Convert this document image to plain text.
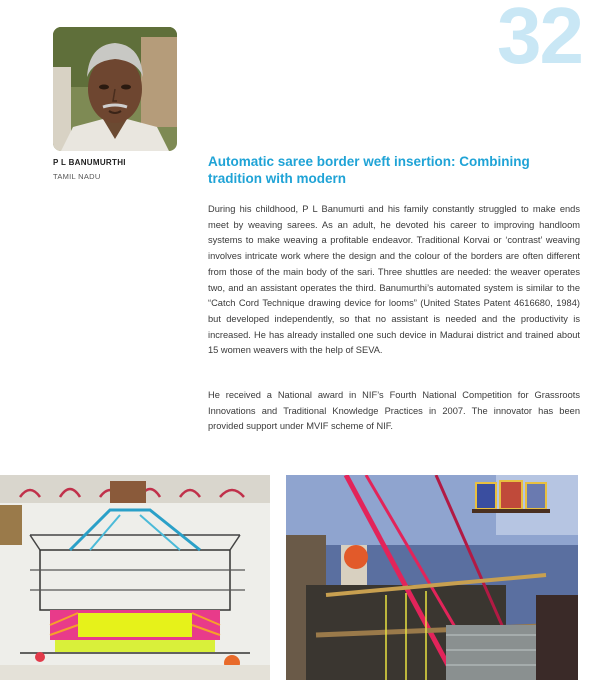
32
P L BANUMURTHI
TAMIL NADU
Automatic saree border weft insertion: Combining tradition with modern

During his childhood, P L Banumurti and his family constantly struggled to make ends meet by weaving sarees. As an adult, he devoted his career to improving handloom systems to make weaving a profitable endeavor. Traditional Korvai or ‘contrast’ weaving involves intricate work where the design and the colour of the borders are often different from those of the main body of the sari. Three shuttles are needed: the weaver operates two, and an assistant operates the third. Banumurthi’s automated system is similar to the “Catch Cord Technique drawing device for looms” (United States Patent 4616680, 1984) but developed independently, so that no assistant is needed and the productivity is increased. He has already installed one such device in Madurai district and trained about 15 women weavers with the help of SEVA.

He received a National award in NIF’s Fourth National Competition for Grassroots Innovations and Traditional Knowledge Practices in 2007. The innovator has been provided support under MVIF scheme of NIF.
